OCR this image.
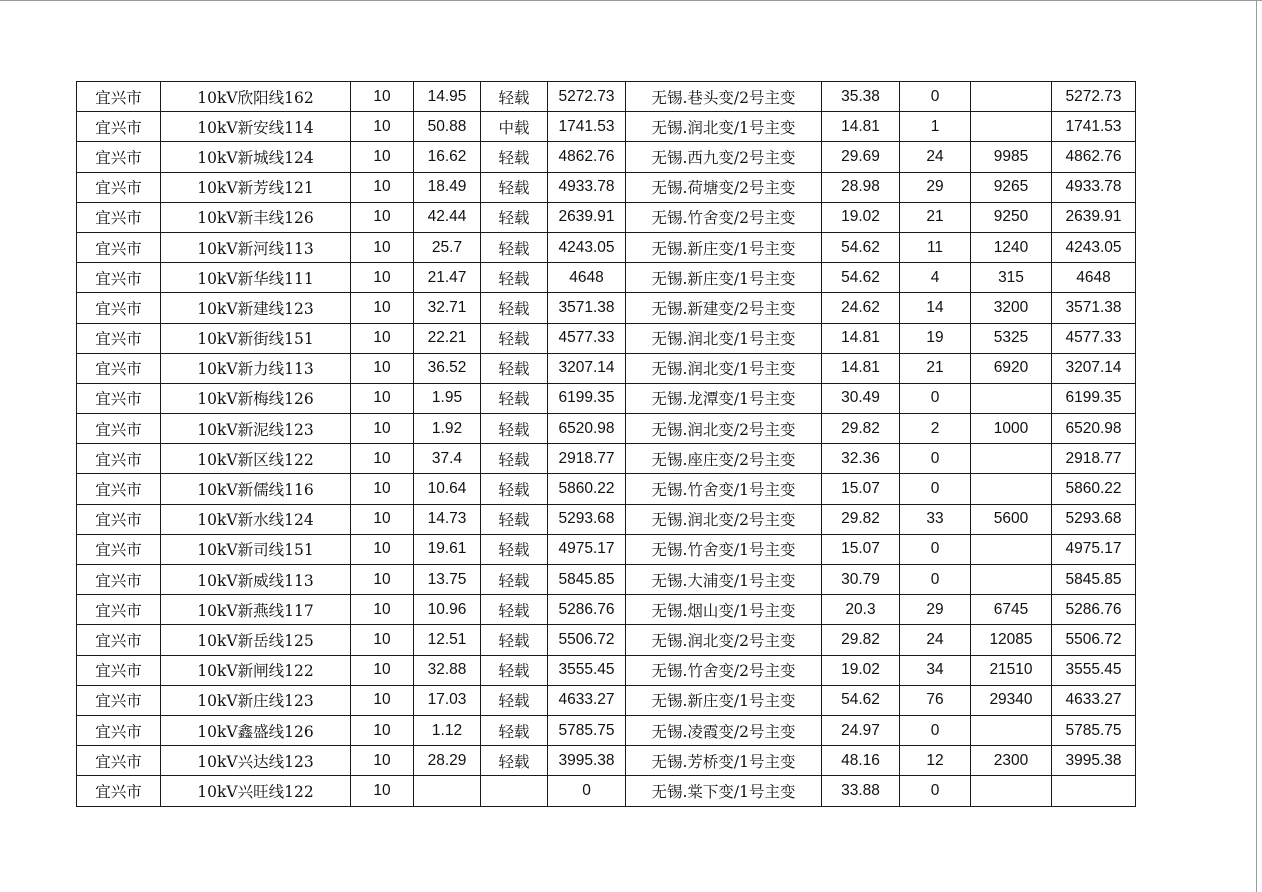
宜兴市	10kV欣阳线162	10	14.95	轻载	5272.73	无锡.巷头变/2号主变	35.38	0		5272.73
宜兴市	10kV新安线114	10	50.88	中载	1741.53	无锡.润北变/1号主变	14.81	1		1741.53
宜兴市	10kV新城线124	10	16.62	轻载	4862.76	无锡.西九变/2号主变	29.69	24	9985	4862.76
宜兴市	10kV新芳线121	10	18.49	轻载	4933.78	无锡.荷塘变/2号主变	28.98	29	9265	4933.78
宜兴市	10kV新丰线126	10	42.44	轻载	2639.91	无锡.竹舍变/2号主变	19.02	21	9250	2639.91
宜兴市	10kV新河线113	10	25.7	轻载	4243.05	无锡.新庄变/1号主变	54.62	11	1240	4243.05
宜兴市	10kV新华线111	10	21.47	轻载	4648	无锡.新庄变/1号主变	54.62	4	315	4648
宜兴市	10kV新建线123	10	32.71	轻载	3571.38	无锡.新建变/2号主变	24.62	14	3200	3571.38
宜兴市	10kV新街线151	10	22.21	轻载	4577.33	无锡.润北变/1号主变	14.81	19	5325	4577.33
宜兴市	10kV新力线113	10	36.52	轻载	3207.14	无锡.润北变/1号主变	14.81	21	6920	3207.14
宜兴市	10kV新梅线126	10	1.95	轻载	6199.35	无锡.龙潭变/1号主变	30.49	0		6199.35
宜兴市	10kV新泥线123	10	1.92	轻载	6520.98	无锡.润北变/2号主变	29.82	2	1000	6520.98
宜兴市	10kV新区线122	10	37.4	轻载	2918.77	无锡.座庄变/2号主变	32.36	0		2918.77
宜兴市	10kV新儒线116	10	10.64	轻载	5860.22	无锡.竹舍变/1号主变	15.07	0		5860.22
宜兴市	10kV新水线124	10	14.73	轻载	5293.68	无锡.润北变/2号主变	29.82	33	5600	5293.68
宜兴市	10kV新司线151	10	19.61	轻载	4975.17	无锡.竹舍变/1号主变	15.07	0		4975.17
宜兴市	10kV新威线113	10	13.75	轻载	5845.85	无锡.大浦变/1号主变	30.79	0		5845.85
宜兴市	10kV新燕线117	10	10.96	轻载	5286.76	无锡.烟山变/1号主变	20.3	29	6745	5286.76
宜兴市	10kV新岳线125	10	12.51	轻载	5506.72	无锡.润北变/2号主变	29.82	24	12085	5506.72
宜兴市	10kV新闸线122	10	32.88	轻载	3555.45	无锡.竹舍变/2号主变	19.02	34	21510	3555.45
宜兴市	10kV新庄线123	10	17.03	轻载	4633.27	无锡.新庄变/1号主变	54.62	76	29340	4633.27
宜兴市	10kV鑫盛线126	10	1.12	轻载	5785.75	无锡.凌霞变/2号主变	24.97	0		5785.75
宜兴市	10kV兴达线123	10	28.29	轻载	3995.38	无锡.芳桥变/1号主变	48.16	12	2300	3995.38
宜兴市	10kV兴旺线122	10			0	无锡.棠下变/1号主变	33.88	0		
